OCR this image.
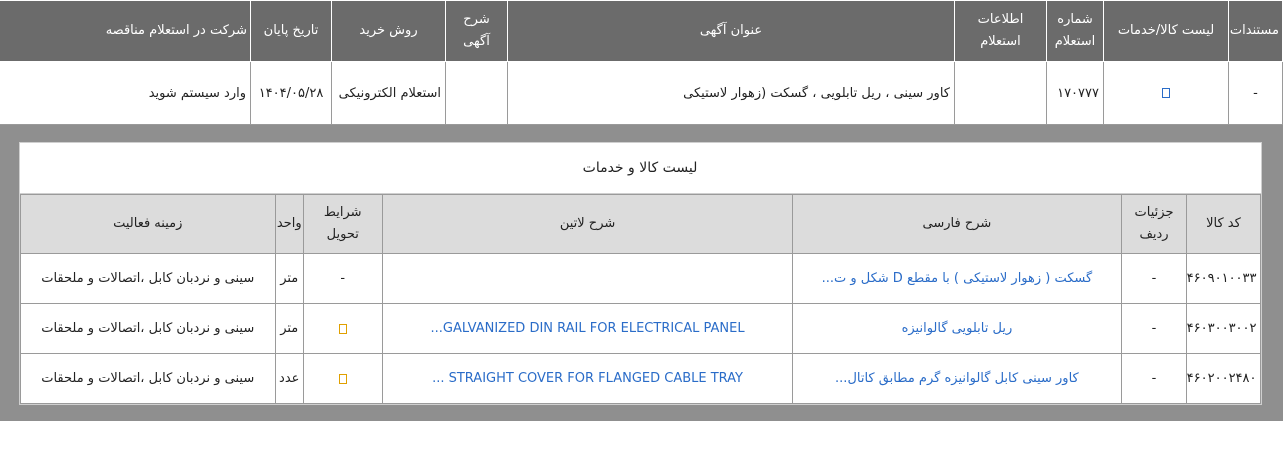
مستندات	لیست کالا/خدمات	شماره استعلام	اطلاعات استعلام	عنوان آگهی	شرح آگهی	روش خرید	تاریخ پایان	شرکت در استعلام مناقصه
-		۱۷۰۷۷۷		کاور سینی ، ریل تابلویی ، گسکت (زهوار لاستیکی		استعلام الکترونیکی	۱۴۰۴/۰۵/۲۸	وارد سیستم شوید

لیست کالا و خدمات
کد کالا	جزئیات ردیف	شرح فارسی	شرح لاتین	شرایط تحویل	واحد	زمینه فعالیت
۴۶۰۹۰۱۰۰۳۳	-	گسکت ( زهوار لاستیکی ) با مقطع D شکل و ت...		-	متر	سینی و نردبان کابل ،اتصالات و ملحقات
۴۶۰۳۰۰۳۰۰۲	-	ریل تابلویی گالوانیزه	GALVANIZED DIN RAIL FOR ELECTRICAL PANEL...		متر	سینی و نردبان کابل ،اتصالات و ملحقات
۴۶۰۲۰۰۲۴۸۰	-	کاور سینی کابل گالوانیزه گرم مطابق کاتال...	STRAIGHT COVER FOR FLANGED CABLE TRAY ...		عدد	سینی و نردبان کابل ،اتصالات و ملحقات
